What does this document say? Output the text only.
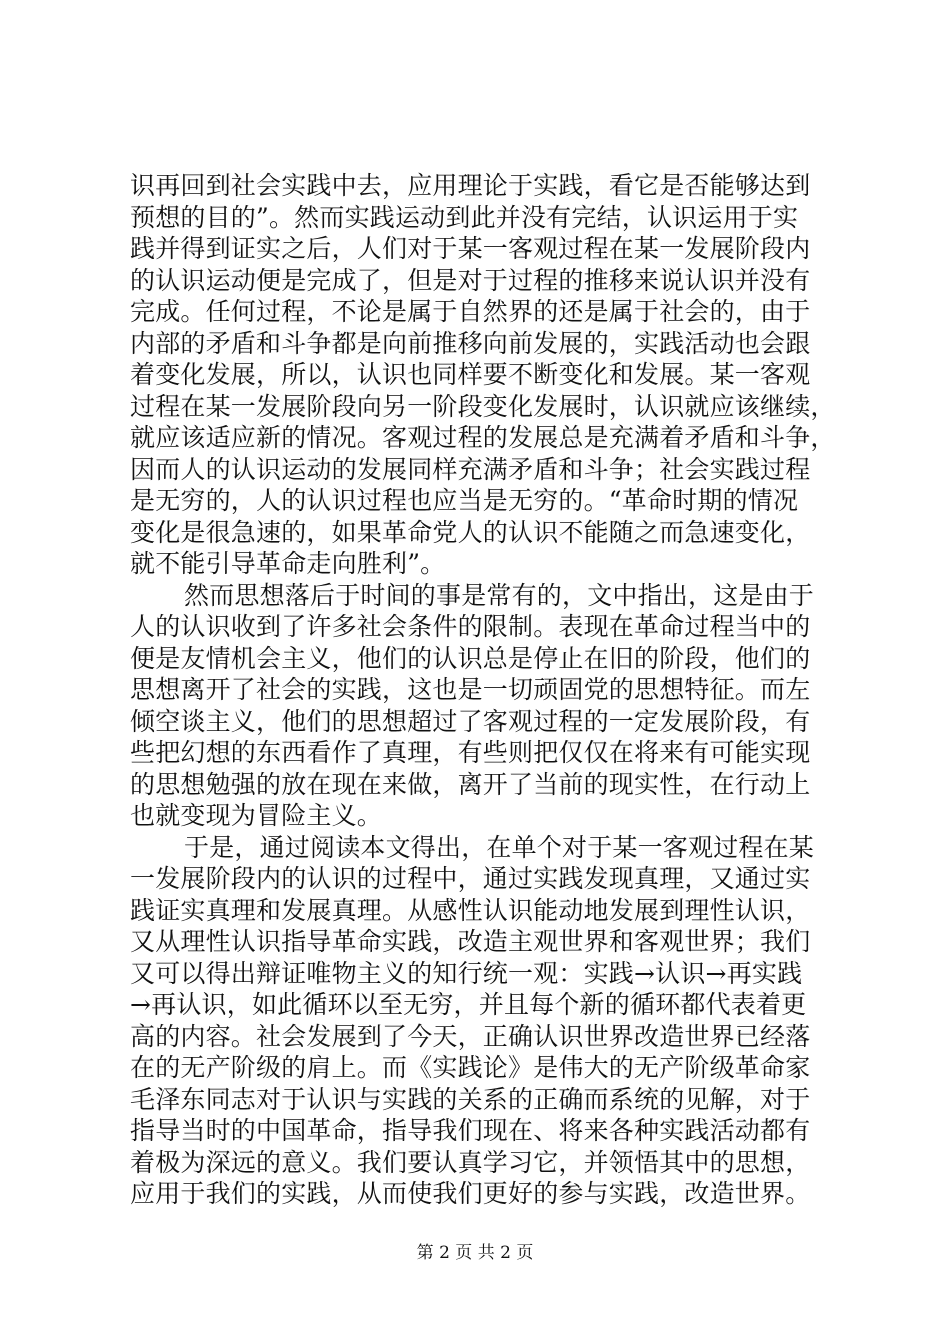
识再回到社会实践中去，应用理论于实践，看它是否能够达到
预想的目的”。然而实践运动到此并没有完结，认识运用于实
践并得到证实之后，人们对于某一客观过程在某一发展阶段内
的认识运动便是完成了，但是对于过程的推移来说认识并没有
完成。任何过程，不论是属于自然界的还是属于社会的，由于
内部的矛盾和斗争都是向前推移向前发展的，实践活动也会跟
着变化发展，所以，认识也同样要不断变化和发展。某一客观
过程在某一发展阶段向另一阶段变化发展时，认识就应该继续，
就应该适应新的情况。客观过程的发展总是充满着矛盾和斗争，
因而人的认识运动的发展同样充满矛盾和斗争；社会实践过程
是无穷的，人的认识过程也应当是无穷的。“革命时期的情况
变化是很急速的，如果革命党人的认识不能随之而急速变化，
就不能引导革命走向胜利”。
然而思想落后于时间的事是常有的，文中指出，这是由于
人的认识收到了许多社会条件的限制。表现在革命过程当中的
便是友情机会主义，他们的认识总是停止在旧的阶段，他们的
思想离开了社会的实践，这也是一切顽固党的思想特征。而左
倾空谈主义，他们的思想超过了客观过程的一定发展阶段，有
些把幻想的东西看作了真理，有些则把仅仅在将来有可能实现
的思想勉强的放在现在来做，离开了当前的现实性，在行动上
也就变现为冒险主义。
于是，通过阅读本文得出，在单个对于某一客观过程在某
一发展阶段内的认识的过程中，通过实践发现真理，又通过实
践证实真理和发展真理。从感性认识能动地发展到理性认识，
又从理性认识指导革命实践，改造主观世界和客观世界；我们
又可以得出辩证唯物主义的知行统一观：实践→认识→再实践
→再认识，如此循环以至无穷，并且每个新的循环都代表着更
高的内容。社会发展到了今天，正确认识世界改造世界已经落
在的无产阶级的肩上。而《实践论》是伟大的无产阶级革命家
毛泽东同志对于认识与实践的关系的正确而系统的见解，对于
指导当时的中国革命，指导我们现在、将来各种实践活动都有
着极为深远的意义。我们要认真学习它，并领悟其中的思想，
应用于我们的实践，从而使我们更好的参与实践，改造世界。
第 2 页 共 2 页
